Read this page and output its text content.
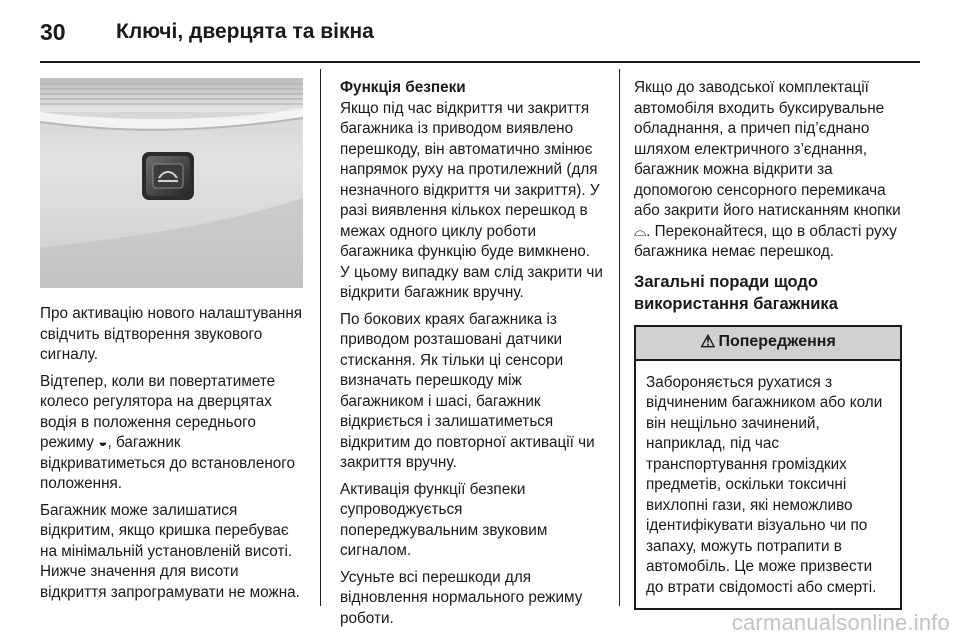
30	Ключі, дверцята та вікна

Про активацію нового налаштування свідчить відтворення звукового сигналу.

Відтепер, коли ви повертатимете колесо регулятора на дверцятах водія в положення середнього режиму ◒, багажник відкриватиметься до встановленого положення.

Багажник може залишатися відкритим, якщо кришка перебуває на мінімальній установленій висоті. Нижче значення для висоти відкриття запрограмувати не можна.

Функція безпеки

Якщо під час відкриття чи закриття багажника із приводом виявлено перешкоду, він автоматично змінює напрямок руху на протилежний (для незначного відкриття чи закриття). У разі виявлення кількох перешкод в межах одного циклу роботи багажника функцію буде вимкнено. У цьому випадку вам слід закрити чи відкрити багажник вручну.

По бокових краях багажника із приводом розташовані датчики стискання. Як тільки ці сенсори визначать перешкоду між багажником і шасі, багажник відкриється і залишатиметься відкритим до повторної активації чи закриття вручну.

Активація функції безпеки супроводжується попереджувальним звуковим сигналом.

Усуньте всі перешкоди для відновлення нормального режиму роботи.

Якщо до заводської комплектації автомобіля входить буксирувальне обладнання, а причеп під’єднано шляхом електричного з’єднання, багажник можна відкрити за допомогою сенсорного перемикача або закрити його натисканням кнопки ⌓. Переконайтеся, що в області руху багажника немає перешкод.

Загальні поради щодо використання багажника
⚠ Попередження
Забороняється рухатися з відчиненим багажником або коли він нещільно зачинений, наприклад, під час транспортування громіздких предметів, оскільки токсичні вихлопні гази, які неможливо ідентифікувати візуально чи по запаху, можуть потрапити в автомобіль. Це може призвести до втрати свідомості або смерті.
carmanualsonline.info
